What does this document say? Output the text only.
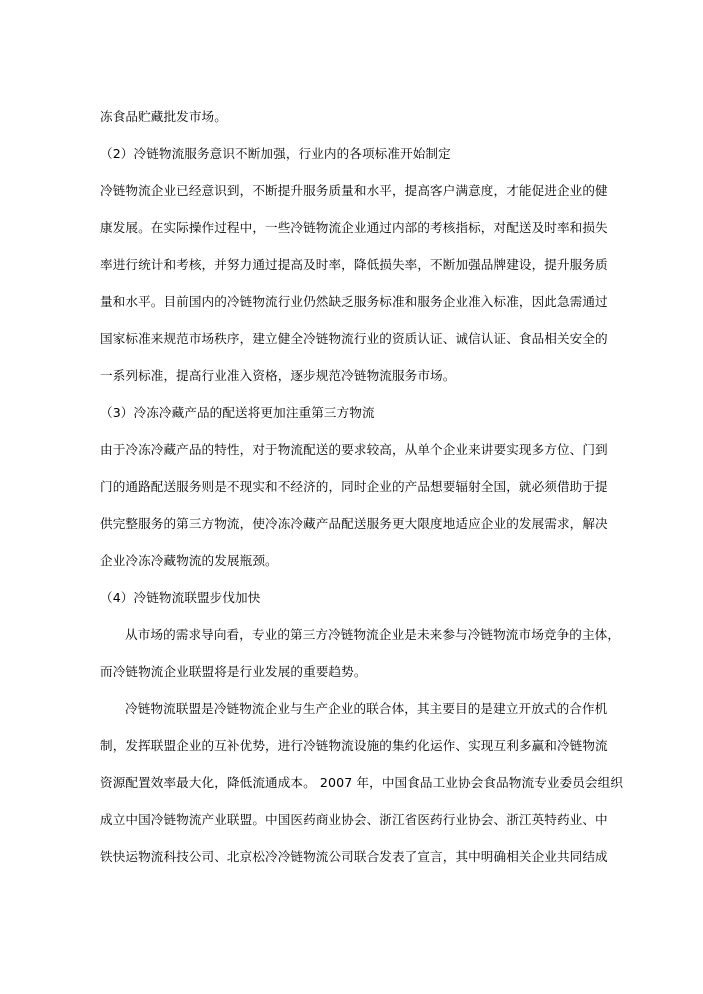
冻食品贮藏批发市场。
（2）冷链物流服务意识不断加强，行业内的各项标准开始制定
冷链物流企业已经意识到，不断提升服务质量和水平，提高客户满意度，才能促进企业的健
康发展。在实际操作过程中，一些冷链物流企业通过内部的考核指标，对配送及时率和损失
率进行统计和考核，并努力通过提高及时率，降低损失率，不断加强品牌建设，提升服务质
量和水平。目前国内的冷链物流行业仍然缺乏服务标准和服务企业准入标准，因此急需通过
国家标准来规范市场秩序，建立健全冷链物流行业的资质认证、诚信认证、食品相关安全的
一系列标准，提高行业准入资格，逐步规范冷链物流服务市场。
（3）冷冻冷藏产品的配送将更加注重第三方物流
由于冷冻冷藏产品的特性，对于物流配送的要求较高，从单个企业来讲要实现多方位、门到
门的通路配送服务则是不现实和不经济的，同时企业的产品想要辐射全国，就必须借助于提
供完整服务的第三方物流，使冷冻冷藏产品配送服务更大限度地适应企业的发展需求，解决
企业冷冻冷藏物流的发展瓶颈。
（4）冷链物流联盟步伐加快
从市场的需求导向看，专业的第三方冷链物流企业是未来参与冷链物流市场竞争的主体，
而冷链物流企业联盟将是行业发展的重要趋势。
冷链物流联盟是冷链物流企业与生产企业的联合体，其主要目的是建立开放式的合作机
制，发挥联盟企业的互补优势，进行冷链物流设施的集约化运作、实现互利多赢和冷链物流
资源配置效率最大化，降低流通成本。 2007 年，中国食品工业协会食品物流专业委员会组织
成立中国冷链物流产业联盟。中国医药商业协会、浙江省医药行业协会、浙江英特药业、中
铁快运物流科技公司、北京松冷冷链物流公司联合发表了宣言，其中明确相关企业共同结成
